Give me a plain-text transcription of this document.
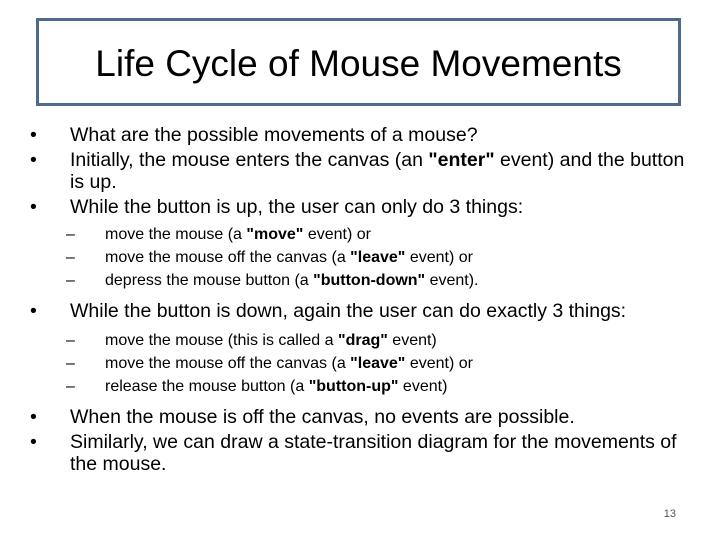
Life Cycle of Mouse Movements
• What are the possible movements of a mouse?
• Initially, the mouse enters the canvas (an "enter" event) and the button is up.
• While the button is up, the user can only do 3 things:
– move the mouse (a "move" event) or
– move the mouse off the canvas (a "leave" event) or
– depress the mouse button (a "button-down" event).
• While the button is down, again the user can do exactly 3 things:
– move the mouse (this is called a "drag" event)
– move the mouse off the canvas (a "leave" event) or
– release the mouse button (a "button-up" event)
• When the mouse is off the canvas, no events are possible.
• Similarly, we can draw a state-transition diagram for the movements of the mouse.
13
